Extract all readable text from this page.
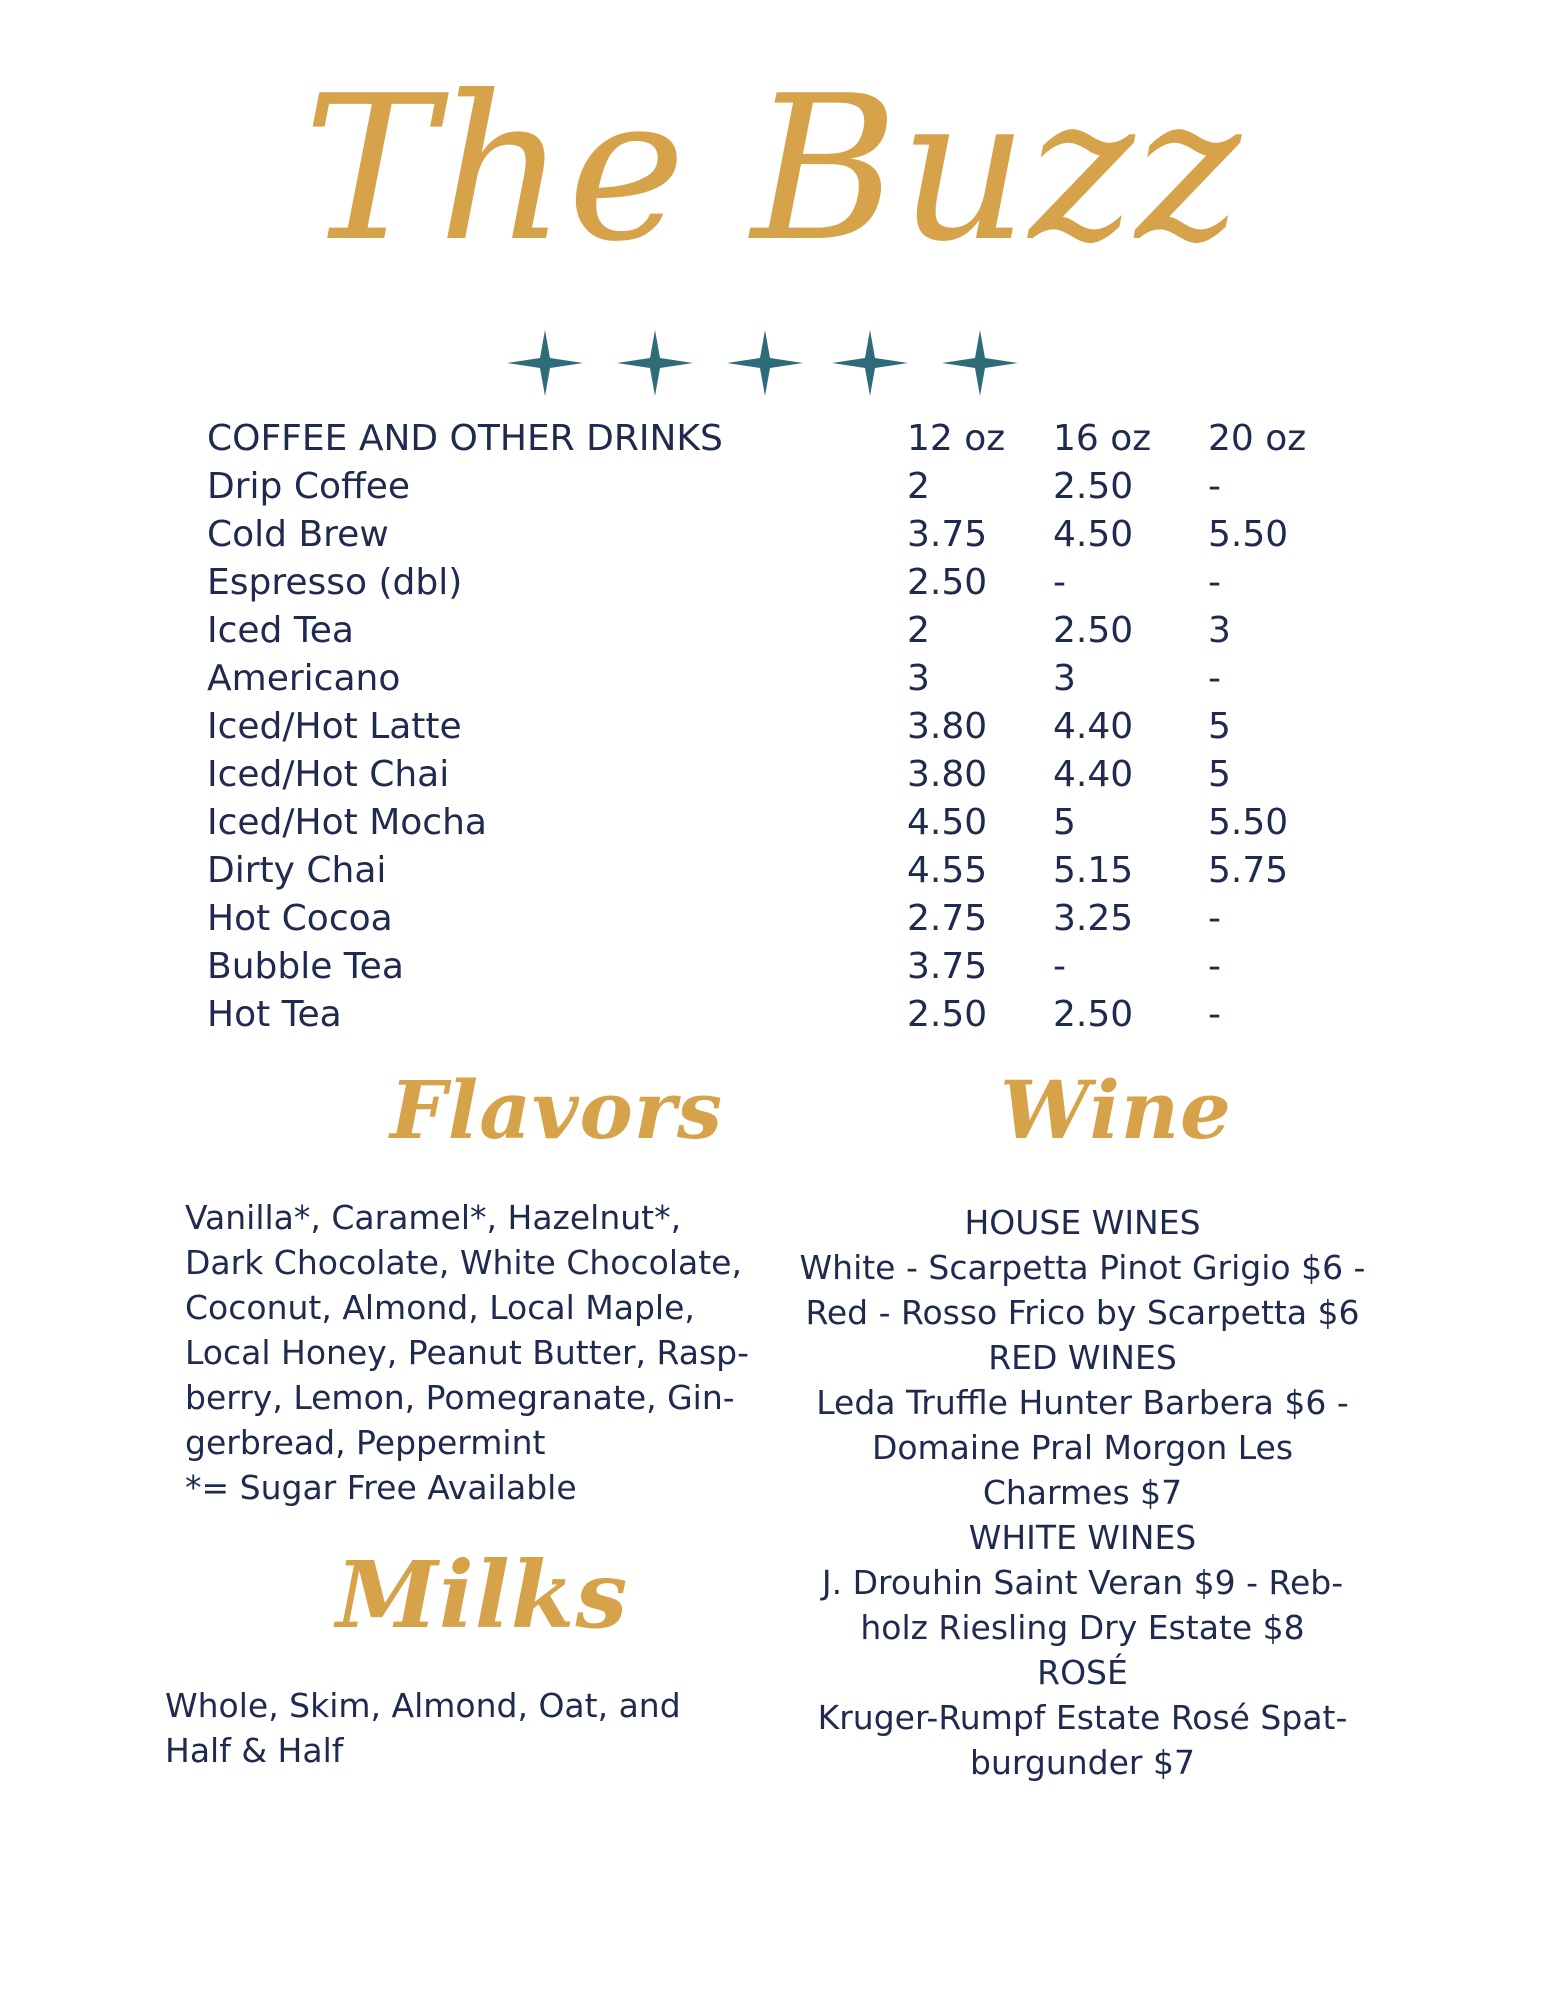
The Buzz
COFFEE AND OTHER DRINKS	12 oz 16 oz 20 oz
Drip Coffee	2	2.50 -
Cold Brew	3.75 4.50 5.50
Espresso (dbl)	2.50 -	-
Iced Tea	2	2.50 3
Americano	3	3	-
Iced/Hot Latte	3.80 4.40 5
Iced/Hot Chai	3.80 4.40 5
Iced/Hot Mocha	4.50 5	5.50
Dirty Chai	4.55 5.15 5.75
Hot Cocoa	2.75 3.25 -
Bubble Tea	3.75 -	-
Hot Tea	2.50 2.50 -
Flavors
Vanilla*, Caramel*, Hazelnut*,
Dark Chocolate, White Chocolate,
Coconut, Almond, Local Maple,
Local Honey, Peanut Butter, Rasp-
berry, Lemon, Pomegranate, Gin-
gerbread, Peppermint
*= Sugar Free Available
Milks
Whole, Skim, Almond, Oat, and
Half & Half
Wine
HOUSE WINES
White - Scarpetta Pinot Grigio $6 -
Red - Rosso Frico by Scarpetta $6
RED WINES
Leda Truffle Hunter Barbera $6 -
Domaine Pral Morgon Les
Charmes $7
WHITE WINES
J. Drouhin Saint Veran $9 - Reb-
holz Riesling Dry Estate $8
ROSÉ
Kruger-Rumpf Estate Rosé Spat-
burgunder $7
